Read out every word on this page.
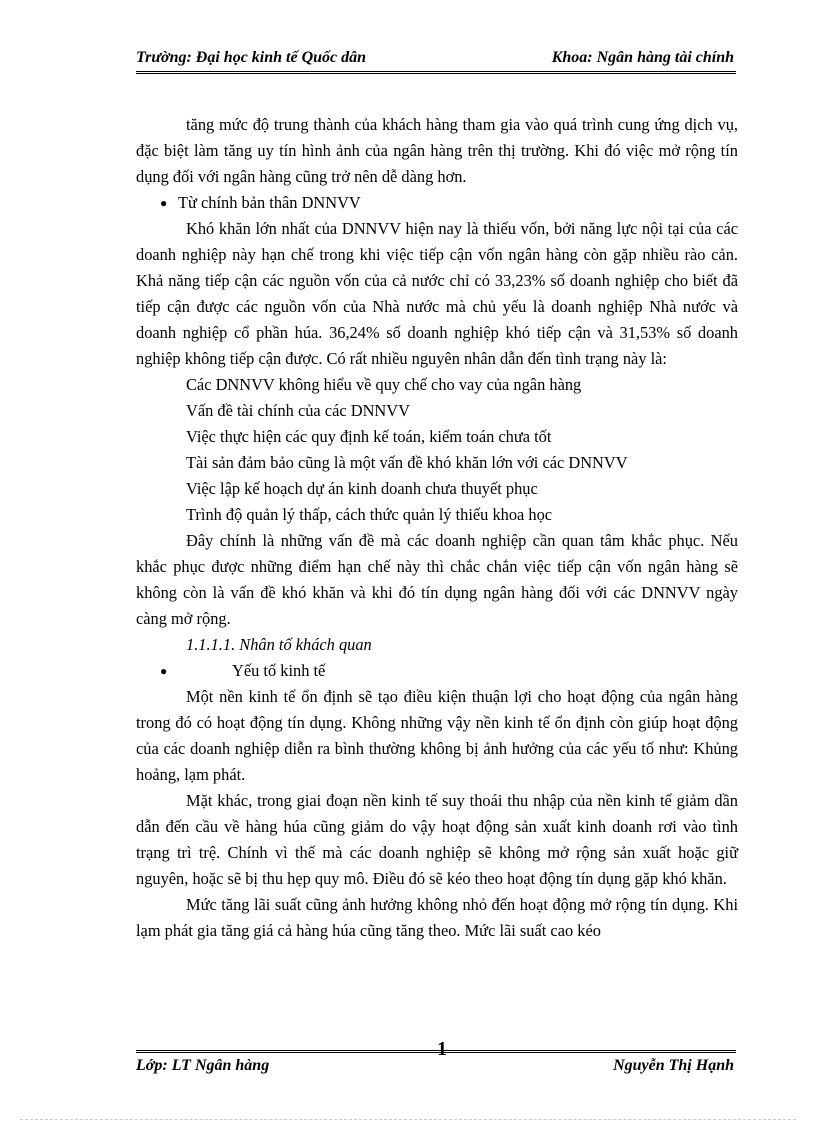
Trường: Đại học kinh tế Quốc dân	Khoa: Ngân hàng tài chính

tăng mức độ trung thành của khách hàng tham gia vào quá trình cung ứng dịch vụ, đặc biệt làm tăng uy tín hình ảnh của ngân hàng trên thị trường. Khi đó việc mở rộng tín dụng đối với ngân hàng cũng trở nên dễ dàng hơn.

● Từ chính bản thân DNNVV

Khó khăn lớn nhất của DNNVV hiện nay là thiếu vốn, bởi năng lực nội tại của các doanh nghiệp này hạn chế trong khi việc tiếp cận vốn ngân hàng còn gặp nhiều rào cản. Khả năng tiếp cận các nguồn vốn của cả nước chỉ có 33,23% số doanh nghiệp cho biết đã tiếp cận được các nguồn vốn của Nhà nước mà chủ yếu là doanh nghiệp Nhà nước và doanh nghiệp cổ phần húa. 36,24% số doanh nghiệp khó tiếp cận và 31,53% số doanh nghiệp không tiếp cận được. Có rất nhiều nguyên nhân dẫn đến tình trạng này là:

Các DNNVV không hiểu về quy chế cho vay của ngân hàng
Vấn đề tài chính của các DNNVV
Việc thực hiện các quy định kế toán, kiểm toán chưa tốt
Tài sản đảm bảo cũng là một vấn đề khó khăn lớn với các DNNVV
Việc lập kế hoạch dự án kinh doanh chưa thuyết phục
Trình độ quản lý thấp, cách thức quản lý thiếu khoa học

Đây chính là những vấn đề mà các doanh nghiệp cần quan tâm khắc phục. Nếu khắc phục được những điểm hạn chế này thì chắc chắn việc tiếp cận vốn ngân hàng sẽ không còn là vấn đề khó khăn và khi đó tín dụng ngân hàng đối với các DNNVV ngày càng mở rộng.

1.1.1.1. Nhân tố khách quan
●	Yếu tố kinh tế

Một nền kinh tế ổn định sẽ tạo điều kiện thuận lợi cho hoạt động của ngân hàng trong đó có hoạt động tín dụng. Không những vậy nền kinh tế ổn định còn giúp hoạt động của các doanh nghiệp diễn ra bình thường không bị ảnh hưởng của các yếu tố như: Khủng hoảng, lạm phát.

Mặt khác, trong giai đoạn nền kinh tế suy thoái thu nhập của nền kinh tế giảm dần dẫn đến cầu về hàng húa cũng giảm do vậy hoạt động sản xuất kinh doanh rơi vào tình trạng trì trệ. Chính vì thế mà các doanh nghiệp sẽ không mở rộng sản xuất hoặc giữ nguyên, hoặc sẽ bị thu hẹp quy mô. Điều đó sẽ kéo theo hoạt động tín dụng gặp khó khăn.

Mức tăng lãi suất cũng ảnh hưởng không nhỏ đến hoạt động mở rộng tín dụng. Khi lạm phát gia tăng giá cả hàng húa cũng tăng theo. Mức lãi suất cao kéo

Lớp: LT Ngân hàng
1
Nguyễn Thị Hạnh
